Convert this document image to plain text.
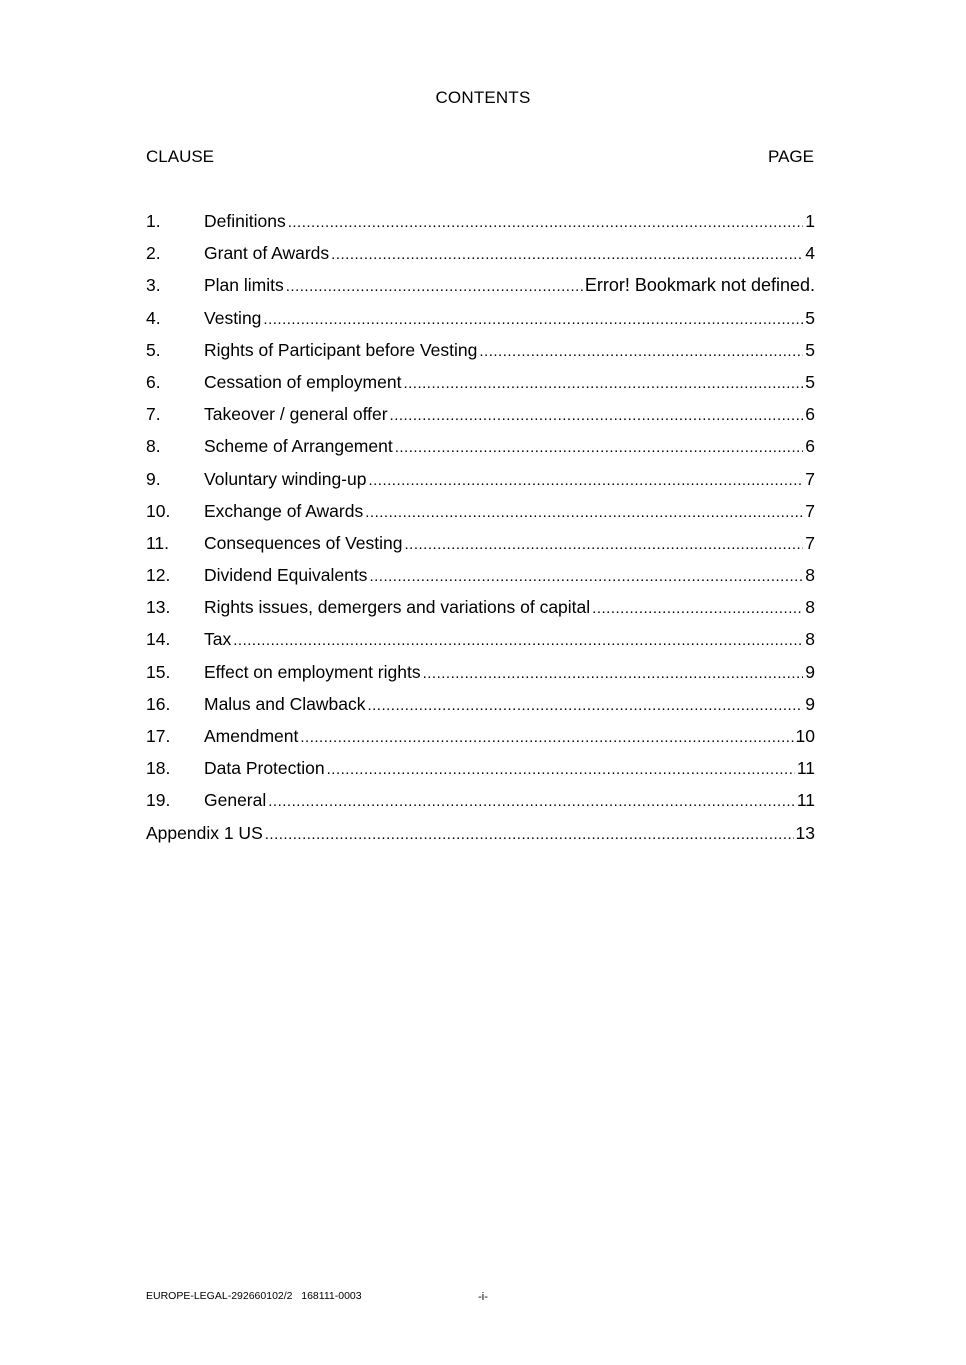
CONTENTS
CLAUSE	PAGE
1.	Definitions .....	1
2.	Grant of Awards .....	4
3.	Plan limits .....	Error! Bookmark not defined.
4.	Vesting .....	5
5.	Rights of Participant before Vesting .....	5
6.	Cessation of employment .....	5
7.	Takeover / general offer .....	6
8.	Scheme of Arrangement .....	6
9.	Voluntary winding-up .....	7
10.	Exchange of Awards .....	7
11.	Consequences of Vesting .....	7
12.	Dividend Equivalents .....	8
13.	Rights issues, demergers and variations of capital .....	8
14.	Tax .....	8
15.	Effect on employment rights .....	9
16.	Malus and Clawback .....	9
17.	Amendment .....	10
18.	Data Protection .....	11
19.	General .....	11
Appendix 1 US .....	13
EUROPE-LEGAL-292660102/2   168111-0003	-i-
